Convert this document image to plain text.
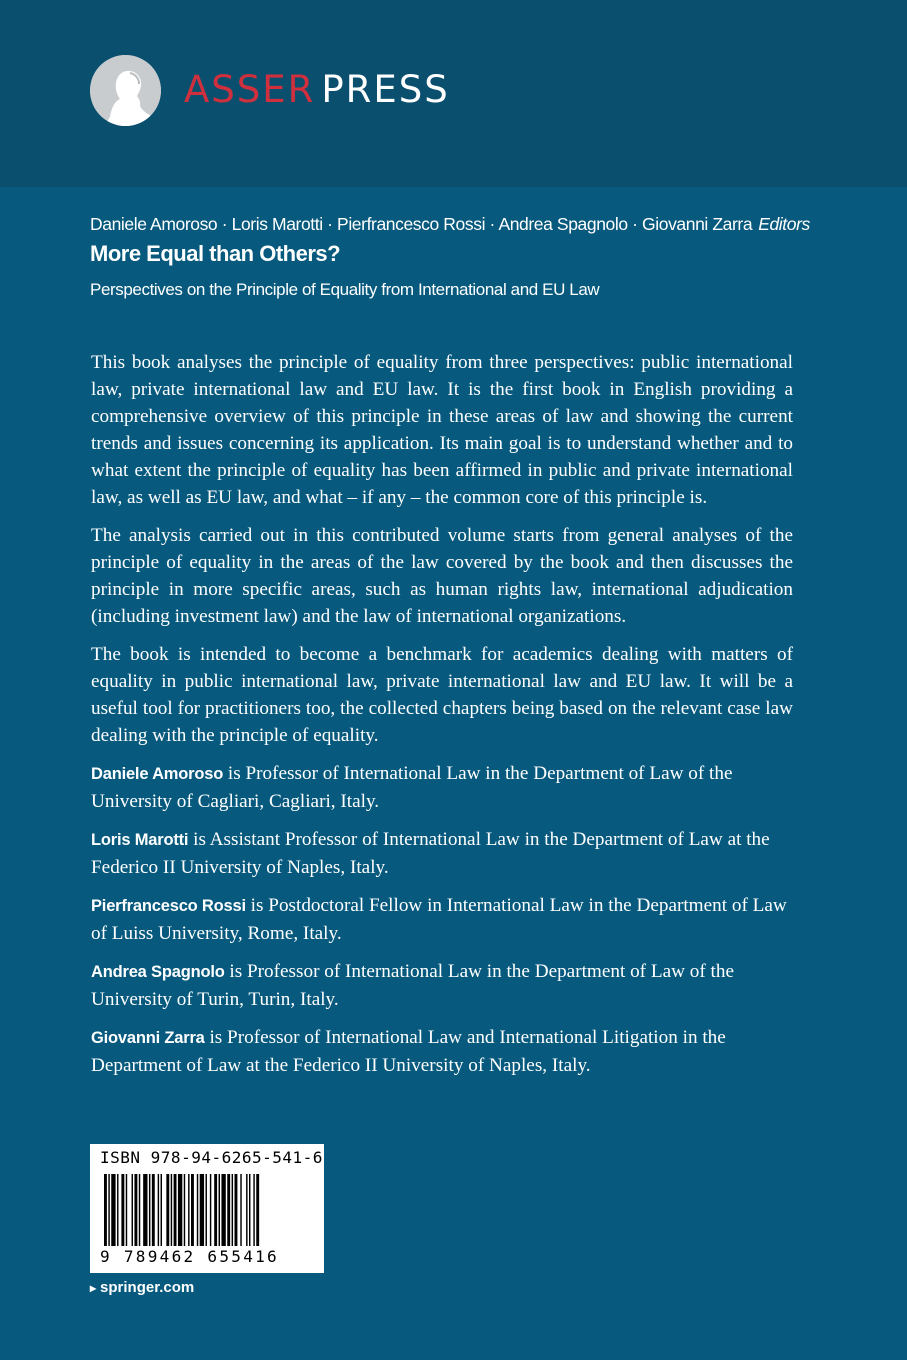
ASSER PRESS
Daniele Amoroso · Loris Marotti · Pierfrancesco Rossi · Andrea Spagnolo · Giovanni Zarra Editors
More Equal than Others?
Perspectives on the Principle of Equality from International and EU Law

This book analyses the principle of equality from three perspectives: public international law, private international law and EU law. It is the first book in English providing a comprehensive overview of this principle in these areas of law and showing the current trends and issues concerning its application. Its main goal is to understand whether and to what extent the principle of equality has been affirmed in public and private international law, as well as EU law, and what – if any – the common core of this principle is.

The analysis carried out in this contributed volume starts from general analyses of the principle of equality in the areas of the law covered by the book and then discusses the principle in more specific areas, such as human rights law, international adjudication (including investment law) and the law of international organizations.

The book is intended to become a benchmark for academics dealing with matters of equality in public international law, private international law and EU law. It will be a useful tool for practitioners too, the collected chapters being based on the relevant case law dealing with the principle of equality.

Daniele Amoroso is Professor of International Law in the Department of Law of the University of Cagliari, Cagliari, Italy.

Loris Marotti is Assistant Professor of International Law in the Department of Law at the Federico II University of Naples, Italy.

Pierfrancesco Rossi is Postdoctoral Fellow in International Law in the Department of Law of Luiss University, Rome, Italy.

Andrea Spagnolo is Professor of International Law in the Department of Law of the University of Turin, Turin, Italy.

Giovanni Zarra is Professor of International Law and International Litigation in the Department of Law at the Federico II University of Naples, Italy.

ISBN 978-94-6265-541-6
9 789462 655416
▸ springer.com
